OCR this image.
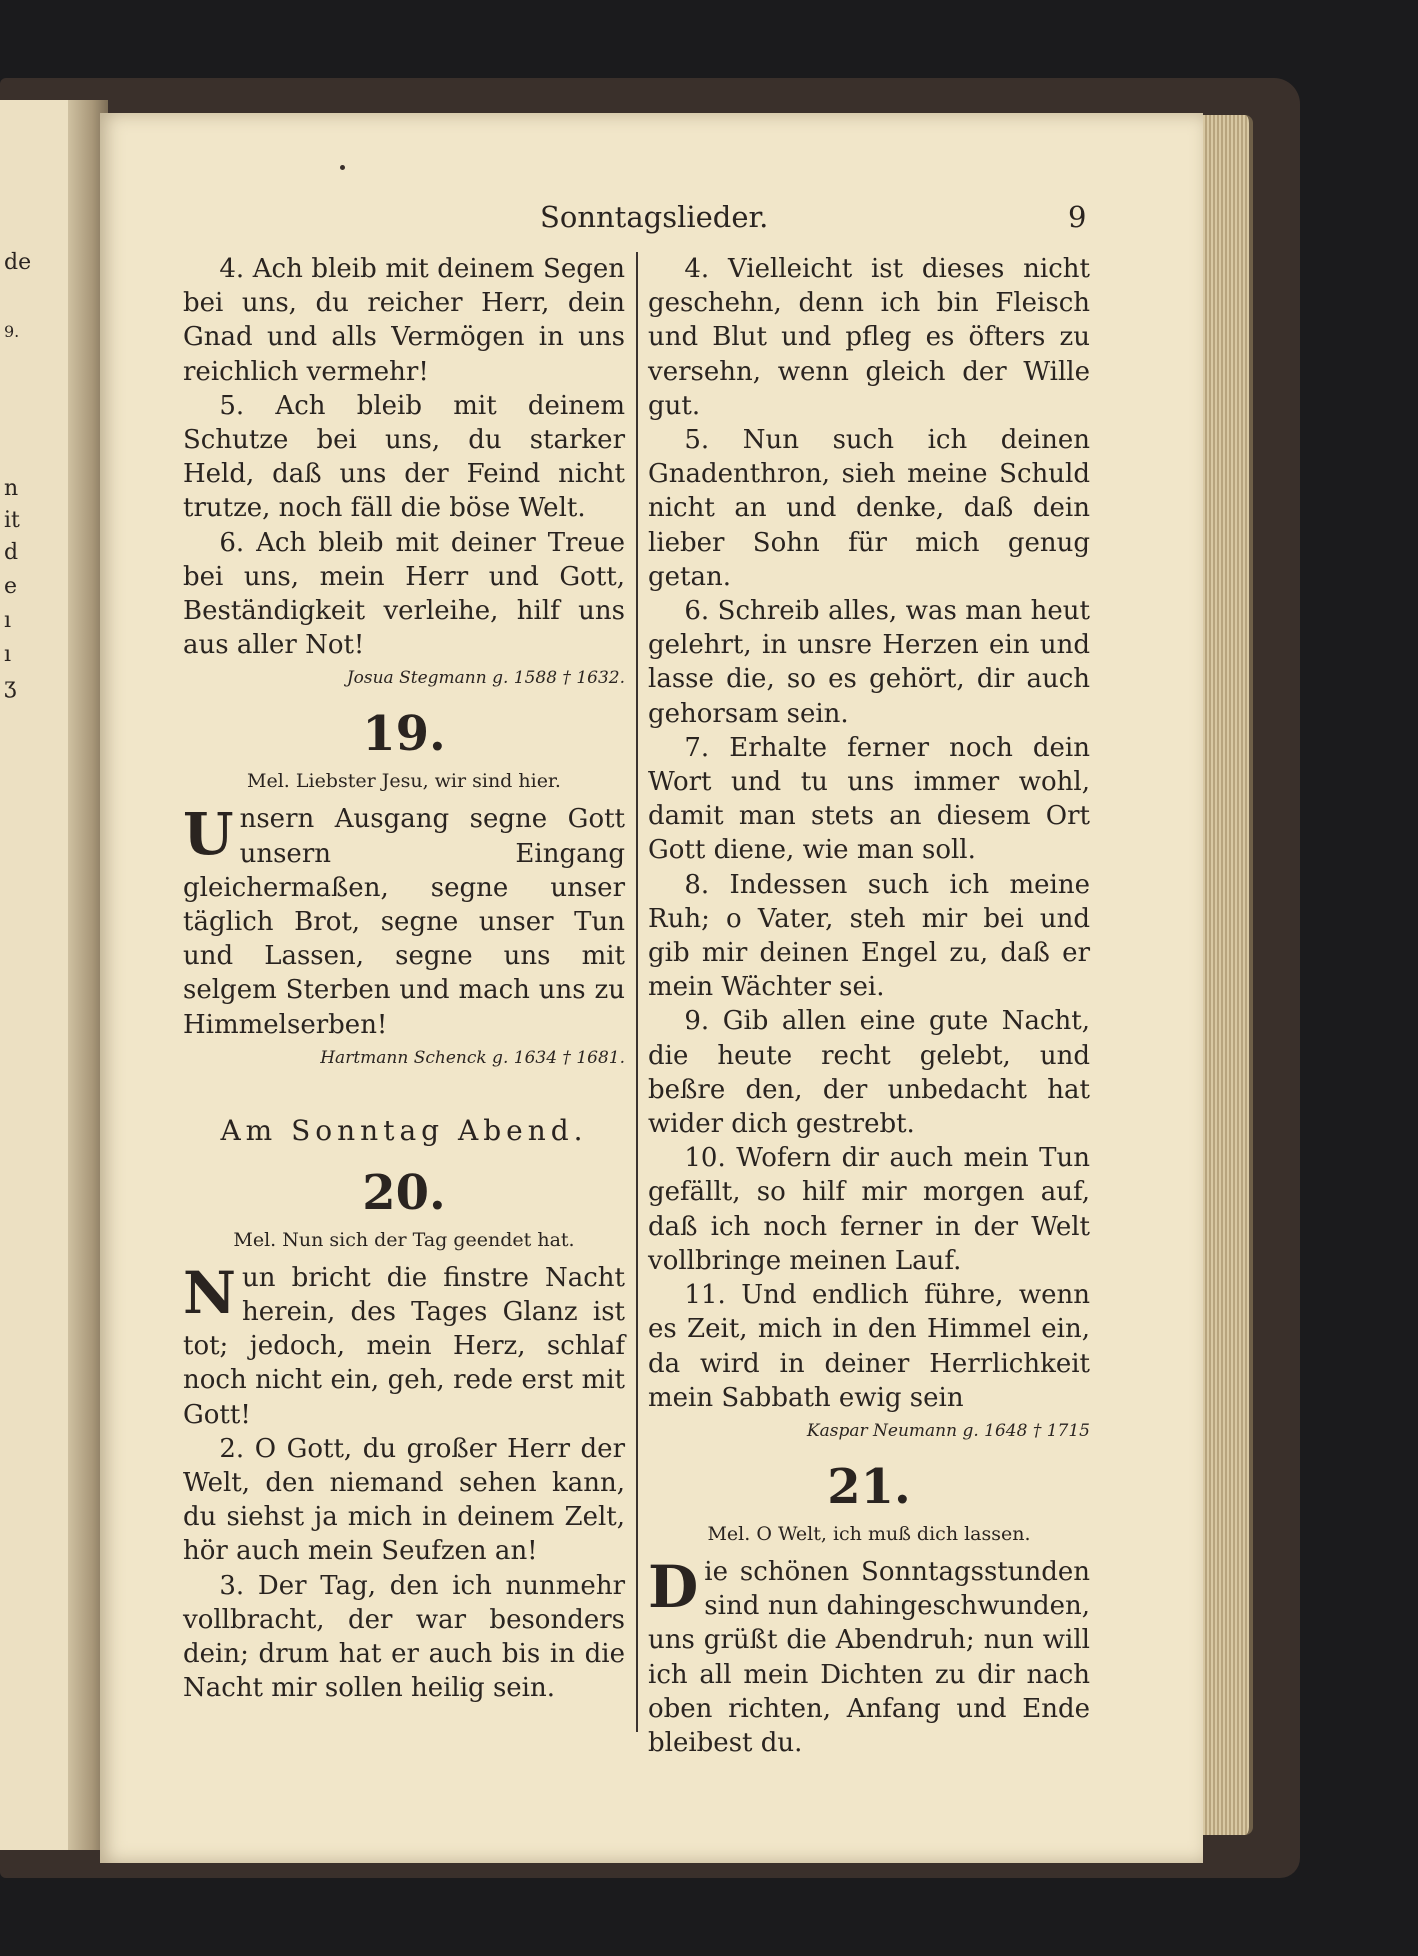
de
9.
n
it
d
e
ı
ı
ʒ
Sonntagslieder.	9

4. Ach bleib mit deinem Segen bei uns, du reicher Herr, dein Gnad und alls Vermögen in uns reichlich vermehr!

5. Ach bleib mit deinem Schutze bei uns, du starker Held, daß uns der Feind nicht trutze, noch fäll die böse Welt.

6. Ach bleib mit deiner Treue bei uns, mein Herr und Gott, Beständigkeit verleihe, hilf uns aus aller Not!

Josua Stegmann g. 1588 † 1632.
19.
Mel. Liebster Jesu, wir sind hier.

Unsern Ausgang segne Gott unsern Eingang gleichermaßen, segne unser täglich Brot, segne unser Tun und Lassen, segne uns mit selgem Sterben und mach uns zu Himmelserben!

Hartmann Schenck g. 1634 † 1681.
Am Sonntag Abend.
20.
Mel. Nun sich der Tag geendet hat.

Nun bricht die finstre Nacht herein, des Tages Glanz ist tot; jedoch, mein Herz, schlaf noch nicht ein, geh, rede erst mit Gott!

2. O Gott, du großer Herr der Welt, den niemand sehen kann, du siehst ja mich in deinem Zelt, hör auch mein Seufzen an!

3. Der Tag, den ich nunmehr vollbracht, der war besonders dein; drum hat er auch bis in die Nacht mir sollen heilig sein.

4. Vielleicht ist dieses nicht geschehn, denn ich bin Fleisch und Blut und pfleg es öfters zu versehn, wenn gleich der Wille gut.

5. Nun such ich deinen Gnadenthron, sieh meine Schuld nicht an und denke, daß dein lieber Sohn für mich genug getan.

6. Schreib alles, was man heut gelehrt, in unsre Herzen ein und lasse die, so es gehört, dir auch gehorsam sein.

7. Erhalte ferner noch dein Wort und tu uns immer wohl, damit man stets an diesem Ort Gott diene, wie man soll.

8. Indessen such ich meine Ruh; o Vater, steh mir bei und gib mir deinen Engel zu, daß er mein Wächter sei.

9. Gib allen eine gute Nacht, die heute recht gelebt, und beßre den, der unbedacht hat wider dich gestrebt.

10. Wofern dir auch mein Tun gefällt, so hilf mir morgen auf, daß ich noch ferner in der Welt vollbringe meinen Lauf.

11. Und endlich führe, wenn es Zeit, mich in den Himmel ein, da wird in deiner Herrlichkeit mein Sabbath ewig sein

Kaspar Neumann g. 1648 † 1715
21.
Mel. O Welt, ich muß dich lassen.

Die schönen Sonntagsstunden sind nun dahingeschwunden, uns grüßt die Abendruh; nun will ich all mein Dichten zu dir nach oben richten, Anfang und Ende bleibest du.
